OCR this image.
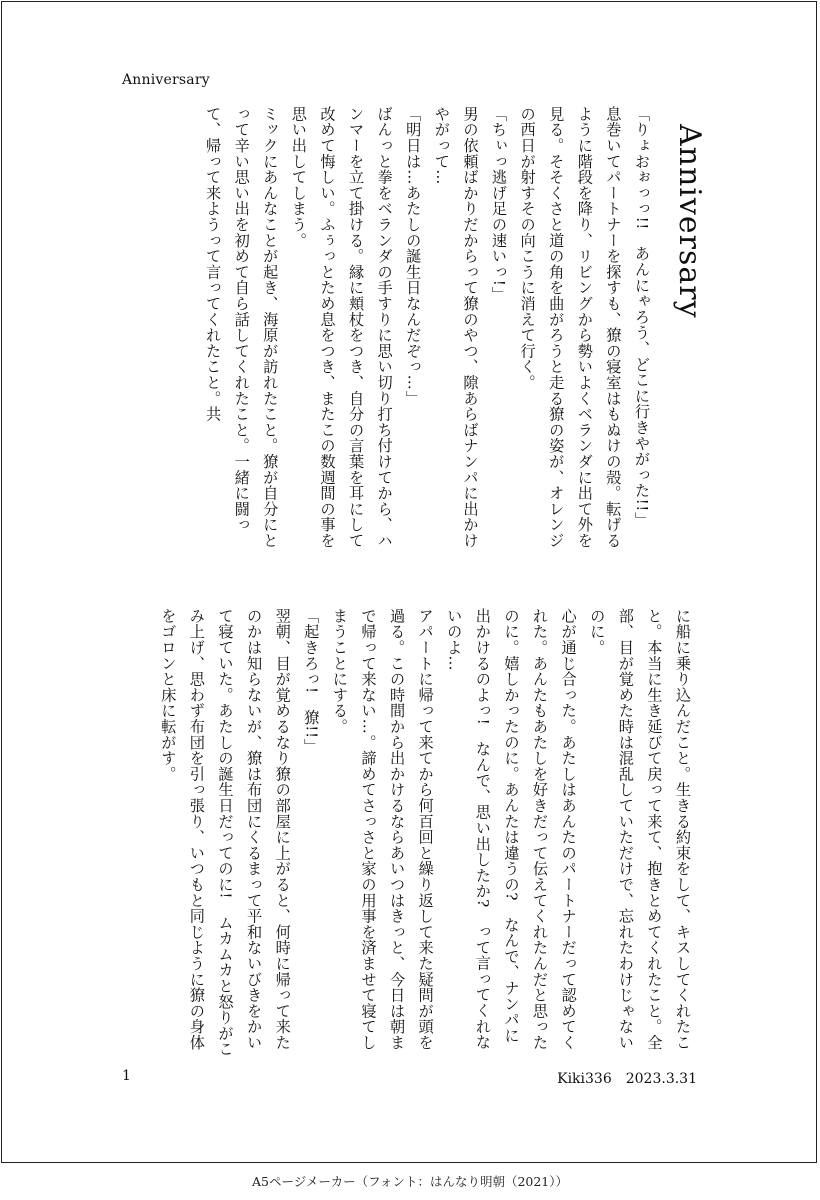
Anniversary
Anniversary

「りょおぉっっ!!　あんにゃろう、どこに行きやがった!!」

息巻いてパートナーを探すも、獠の寝室はもぬけの殻。転げるように階段を降り、リビングから勢いよくベランダに出て外を見る。そそくさと道の角を曲がろうと走る獠の姿が、オレンジの西日が射すその向こうに消えて行く。

「ちぃっ逃げ足の速いっ!」

男の依頼ばかりだからって獠のやつ、隙あらばナンパに出かけやがって…

「明日は…あたしの誕生日なんだぞっ…」

ばんっと拳をベランダの手すりに思い切り打ち付けてから、ハンマーを立て掛ける。縁に頬杖をつき、自分の言葉を耳にして改めて悔しい。ふぅっとため息をつき、またこの数週間の事を思い出してしまう。

ミックにあんなことが起き、海原が訪れたこと。獠が自分にとって辛い思い出を初めて自ら話してくれたこと。一緒に闘って、帰って来ようって言ってくれたこと。共

に船に乗り込んだこと。生きる約束をして、キスしてくれたこと。本当に生き延びて戻って来て、抱きとめてくれたこと。全部、目が覚めた時は混乱していただけで、忘れたわけじゃないのに。

心が通じ合った。あたしはあんたのパートナーだって認めてくれた。あんたもあたしを好きだって伝えてくれたんだと思ったのに。嬉しかったのに。あんたは違うの?　なんで、ナンパに出かけるのよっ!　なんで、思い出したか?　って言ってくれないのよ…

アパートに帰って来てから何百回と繰り返して来た疑問が頭を過る。この時間から出かけるならあいつはきっと、今日は朝まで帰って来ない…。諦めてさっさと家の用事を済ませて寝てしまうことにする。

「起きろっ!　獠!!」

翌朝、目が覚めるなり獠の部屋に上がると、何時に帰って来たのかは知らないが、獠は布団にくるまって平和ないびきをかいて寝ていた。あたしの誕生日だってのに!　ムカムカと怒りがこみ上げ、思わず布団を引っ張り、いつもと同じように獠の身体をゴロンと床に転がす。

1	Kiki336　2023.3.31
A5ページメーカー（フォント：はんなり明朝（2021））
